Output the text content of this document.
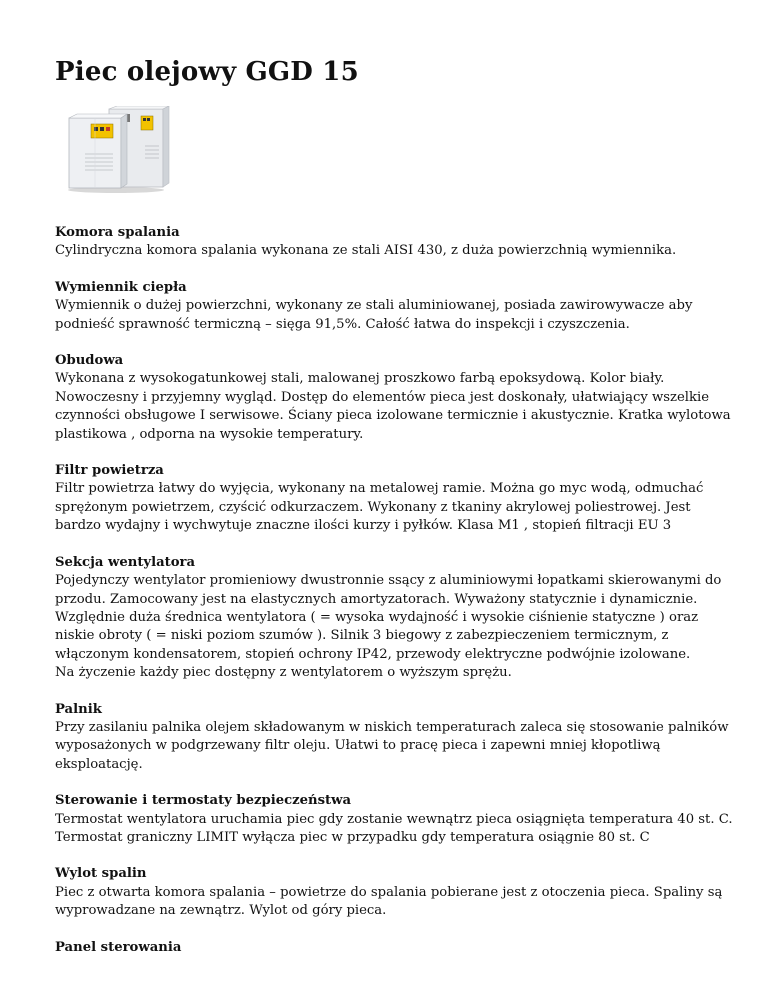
Piec olejowy GGD 15
Komora spalania
Cylindryczna komora spalania wykonana ze stali AISI 430, z duża powierzchnią wymiennika.
Wymiennik ciepła
Wymiennik o dużej powierzchni, wykonany ze stali aluminiowanej, posiada zawirowywacze aby
podnieść sprawność termiczną – sięga 91,5%. Całość łatwa do inspekcji i czyszczenia.
Obudowa
Wykonana z wysokogatunkowej stali, malowanej proszkowo farbą epoksydową. Kolor biały.
Nowoczesny i przyjemny wygląd. Dostęp do elementów pieca jest doskonały, ułatwiający wszelkie
czynności obsługowe I serwisowe. Ściany pieca izolowane termicznie i akustycznie. Kratka wylotowa
plastikowa , odporna na wysokie temperatury.
Filtr powietrza
Filtr powietrza łatwy do wyjęcia, wykonany na metalowej ramie. Można go myc wodą, odmuchać
sprężonym powietrzem, czyścić odkurzaczem. Wykonany z tkaniny akrylowej poliestrowej. Jest
bardzo wydajny i wychwytuje znaczne ilości kurzy i pyłków. Klasa M1 , stopień filtracji EU 3
Sekcja wentylatora
Pojedynczy wentylator promieniowy dwustronnie ssący z aluminiowymi łopatkami skierowanymi do
przodu. Zamocowany jest na elastycznych amortyzatorach. Wyważony statycznie i dynamicznie.
Względnie duża średnica wentylatora ( = wysoka wydajność i wysokie ciśnienie statyczne ) oraz
niskie obroty ( = niski poziom szumów ). Silnik 3 biegowy z zabezpieczeniem termicznym, z
włączonym kondensatorem, stopień ochrony IP42, przewody elektryczne podwójnie izolowane.
Na życzenie każdy piec dostępny z wentylatorem o wyższym sprężu.
Palnik
Przy zasilaniu palnika olejem składowanym w niskich temperaturach zaleca się stosowanie palników
wyposażonych w podgrzewany filtr oleju. Ułatwi to pracę pieca i zapewni mniej kłopotliwą
eksploatację.
Sterowanie i termostaty bezpieczeństwa
Termostat wentylatora uruchamia piec gdy zostanie wewnątrz pieca osiągnięta temperatura 40 st. C.
Termostat graniczny LIMIT wyłącza piec w przypadku gdy temperatura osiągnie 80 st. C
Wylot spalin
Piec z otwarta komora spalania – powietrze do spalania pobierane jest z otoczenia pieca. Spaliny są
wyprowadzane na zewnątrz. Wylot od góry pieca.
Panel sterowania
